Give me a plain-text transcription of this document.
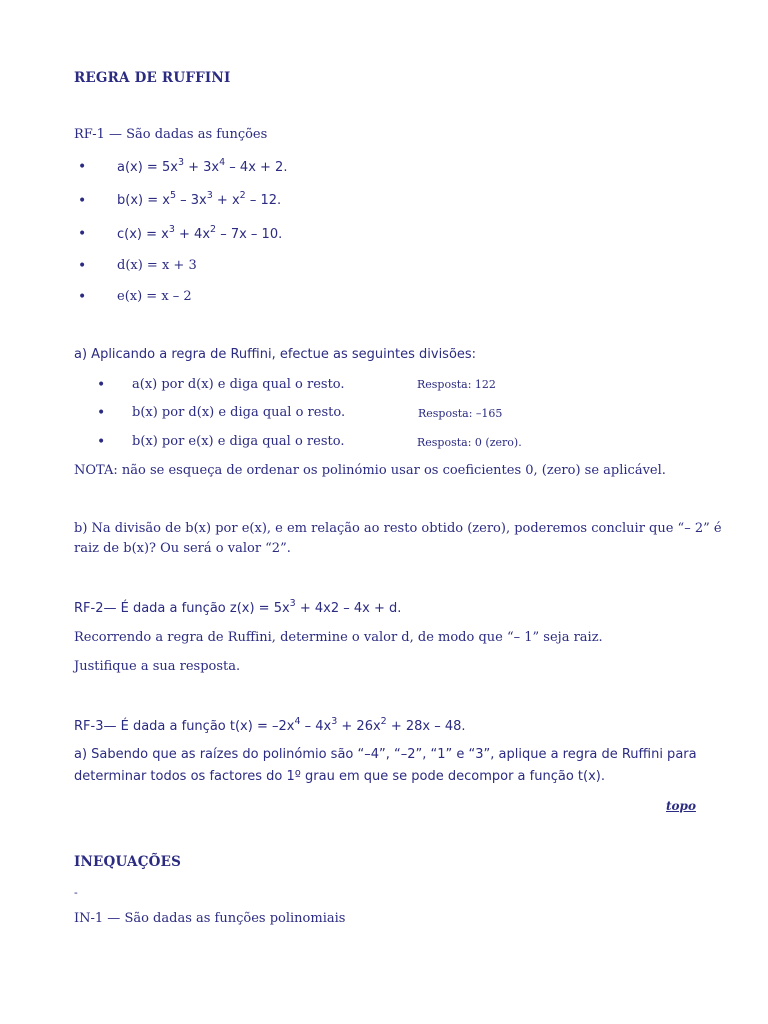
REGRA DE RUFFINI
RF-1 — São dadas as funções
• $a(x) = 5x^3 + 3x^4 - 4x + 2$.
• $b(x) = x^5 - 3x^3 + x^2 - 12$.
• $c(x) = x^3 + 4x^2 - 7x - 10$.
• d(x) = x + 3
• e(x) = x – 2
a) Aplicando a regra de Ruffini, efectue as seguintes divisões:
• a(x) por d(x) e diga qual o resto.	Resposta: 122
• b(x) por d(x) e diga qual o resto.	Resposta: –165
• b(x) por e(x) e diga qual o resto.	Resposta: 0 (zero).
NOTA: não se esqueça de ordenar os polinómio usar os coeficientes 0, (zero) se aplicável.
b) Na divisão de b(x) por e(x), e em relação ao resto obtido (zero), poderemos concluir que “– 2” é
raiz de b(x)? Ou será o valor “2”.
RF-2— É dada a função $z(x) = 5x^3 + 4x2 - 4x + d$.
Recorrendo a regra de Ruffini, determine o valor d, de modo que “– 1” seja raiz.
Justifique a sua resposta.
RF-3— É dada a função $t(x) = -2x^4 - 4x^3 + 26x^2 + 28x - 48$.
a) Sabendo que as raízes do polinómio são “–4”, “–2”, “1” e “3”, aplique a regra de Ruffini para
determinar todos os factores do 1º grau em que se pode decompor a função t(x).
topo
INEQUAÇÕES
-
IN-1 — São dadas as funções polinomiais
